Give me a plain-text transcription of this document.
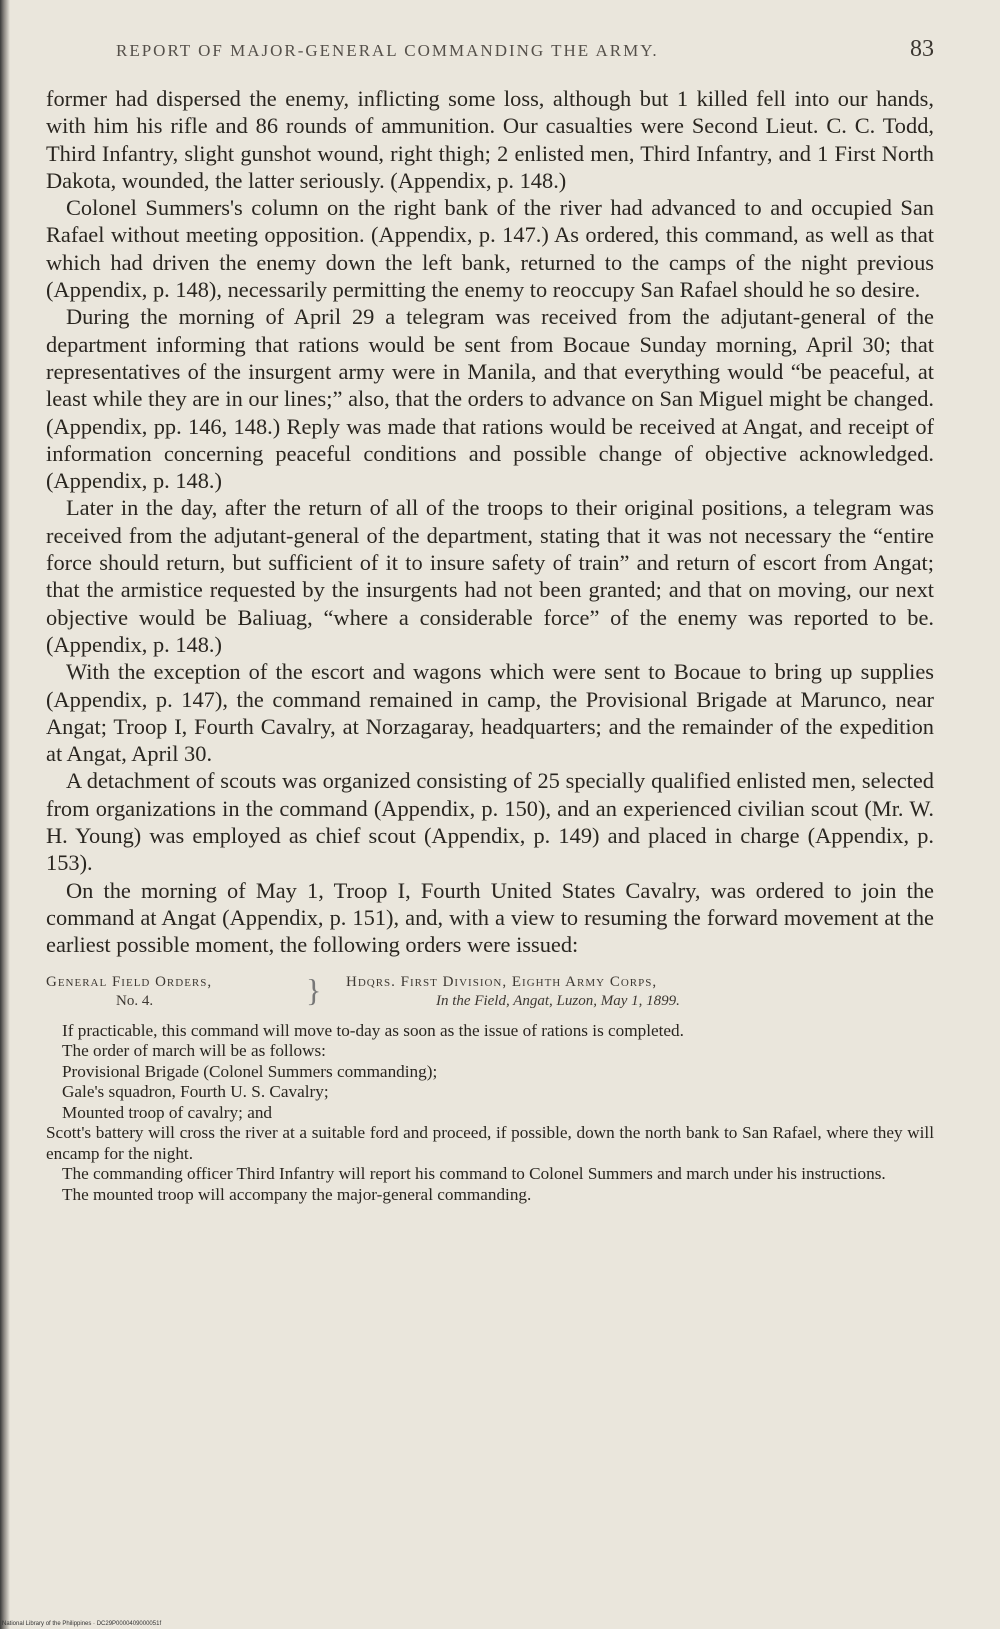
REPORT OF MAJOR-GENERAL COMMANDING THE ARMY.	83

former had dispersed the enemy, inflicting some loss, although but 1 killed fell into our hands, with him his rifle and 86 rounds of ammunition. Our casualties were Second Lieut. C. C. Todd, Third Infantry, slight gunshot wound, right thigh; 2 enlisted men, Third Infantry, and 1 First North Dakota, wounded, the latter seriously. (Appendix, p. 148.)

Colonel Summers's column on the right bank of the river had advanced to and occupied San Rafael without meeting opposition. (Appendix, p. 147.) As ordered, this command, as well as that which had driven the enemy down the left bank, returned to the camps of the night previous (Appendix, p. 148), necessarily permitting the enemy to reoccupy San Rafael should he so desire.

During the morning of April 29 a telegram was received from the adjutant-general of the department informing that rations would be sent from Bocaue Sunday morning, April 30; that representatives of the insurgent army were in Manila, and that everything would “be peaceful, at least while they are in our lines;” also, that the orders to advance on San Miguel might be changed. (Appendix, pp. 146, 148.) Reply was made that rations would be received at Angat, and receipt of information concerning peaceful conditions and possible change of objective acknowledged. (Appendix, p. 148.)

Later in the day, after the return of all of the troops to their original positions, a telegram was received from the adjutant-general of the department, stating that it was not necessary the “entire force should return, but sufficient of it to insure safety of train” and return of escort from Angat; that the armistice requested by the insurgents had not been granted; and that on moving, our next objective would be Baliuag, “where a considerable force” of the enemy was reported to be. (Appendix, p. 148.)

With the exception of the escort and wagons which were sent to Bocaue to bring up supplies (Appendix, p. 147), the command remained in camp, the Provisional Brigade at Marunco, near Angat; Troop I, Fourth Cavalry, at Norzagaray, headquarters; and the remainder of the expedition at Angat, April 30.

A detachment of scouts was organized consisting of 25 specially qualified enlisted men, selected from organizations in the command (Appendix, p. 150), and an experienced civilian scout (Mr. W. H. Young) was employed as chief scout (Appendix, p. 149) and placed in charge (Appendix, p. 153).

On the morning of May 1, Troop I, Fourth United States Cavalry, was ordered to join the command at Angat (Appendix, p. 151), and, with a view to resuming the forward movement at the earliest possible moment, the following orders were issued:

General Field Orders,
No. 4.	}	Hdqrs. First Division, Eighth Army Corps,
In the Field, Angat, Luzon, May 1, 1899.

If practicable, this command will move to-day as soon as the issue of rations is completed.

The order of march will be as follows:

Provisional Brigade (Colonel Summers commanding);

Gale's squadron, Fourth U. S. Cavalry;

Mounted troop of cavalry; and

Scott's battery will cross the river at a suitable ford and proceed, if possible, down the north bank to San Rafael, where they will encamp for the night.

The commanding officer Third Infantry will report his command to Colonel Summers and march under his instructions.

The mounted troop will accompany the major-general commanding.

National Library of the Philippines · DC29P0000409000051f
